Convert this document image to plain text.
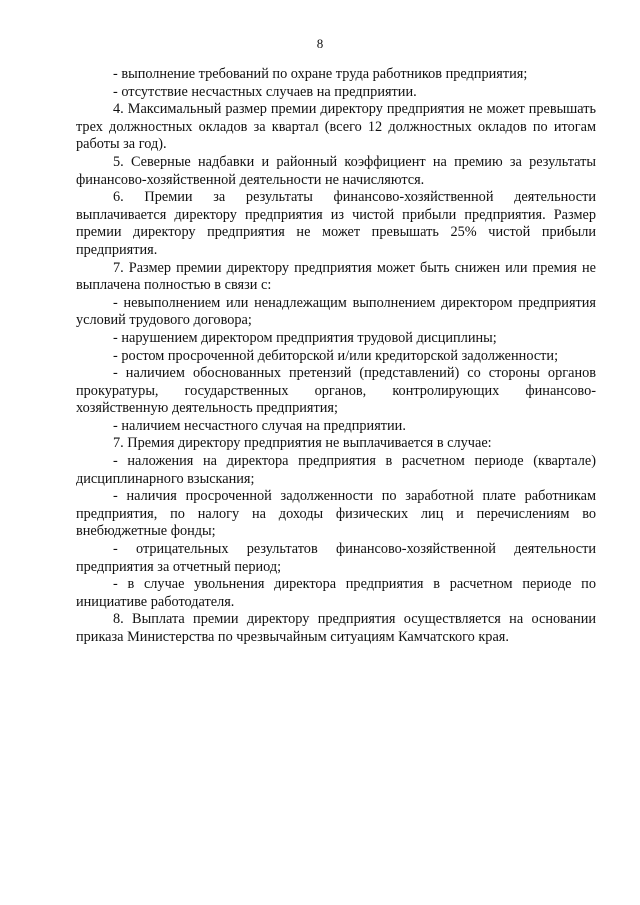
8

- выполнение требований по охране труда работников предприятия;

- отсутствие несчастных случаев на предприятии.

4. Максимальный размер премии директору предприятия не может превышать трех должностных окладов за квартал (всего 12 должностных окладов по итогам работы за год).

5. Северные надбавки и районный коэффициент на премию за результаты финансово-хозяйственной деятельности не начисляются.

6. Премии за результаты финансово-хозяйственной деятельности выплачивается директору предприятия из чистой прибыли предприятия. Размер премии директору предприятия не может превышать 25% чистой прибыли предприятия.

7. Размер премии директору предприятия может быть снижен или премия не выплачена полностью в связи с:

- невыполнением или ненадлежащим выполнением директором предприятия условий трудового договора;

- нарушением директором предприятия трудовой дисциплины;

- ростом просроченной дебиторской и/или кредиторской задолженности;

- наличием обоснованных претензий (представлений) со стороны органов прокуратуры, государственных органов, контролирующих финансово-хозяйственную деятельность предприятия;

- наличием несчастного случая на предприятии.

7. Премия директору предприятия не выплачивается в случае:

- наложения на директора предприятия в расчетном периоде (квартале) дисциплинарного взыскания;

- наличия просроченной задолженности по заработной плате работникам предприятия, по налогу на доходы физических лиц и перечислениям во внебюджетные фонды;

- отрицательных результатов финансово-хозяйственной деятельности предприятия за отчетный период;

- в случае увольнения директора предприятия в расчетном периоде по инициативе работодателя.

8. Выплата премии директору предприятия осуществляется на основании приказа Министерства по чрезвычайным ситуациям Камчатского края.
